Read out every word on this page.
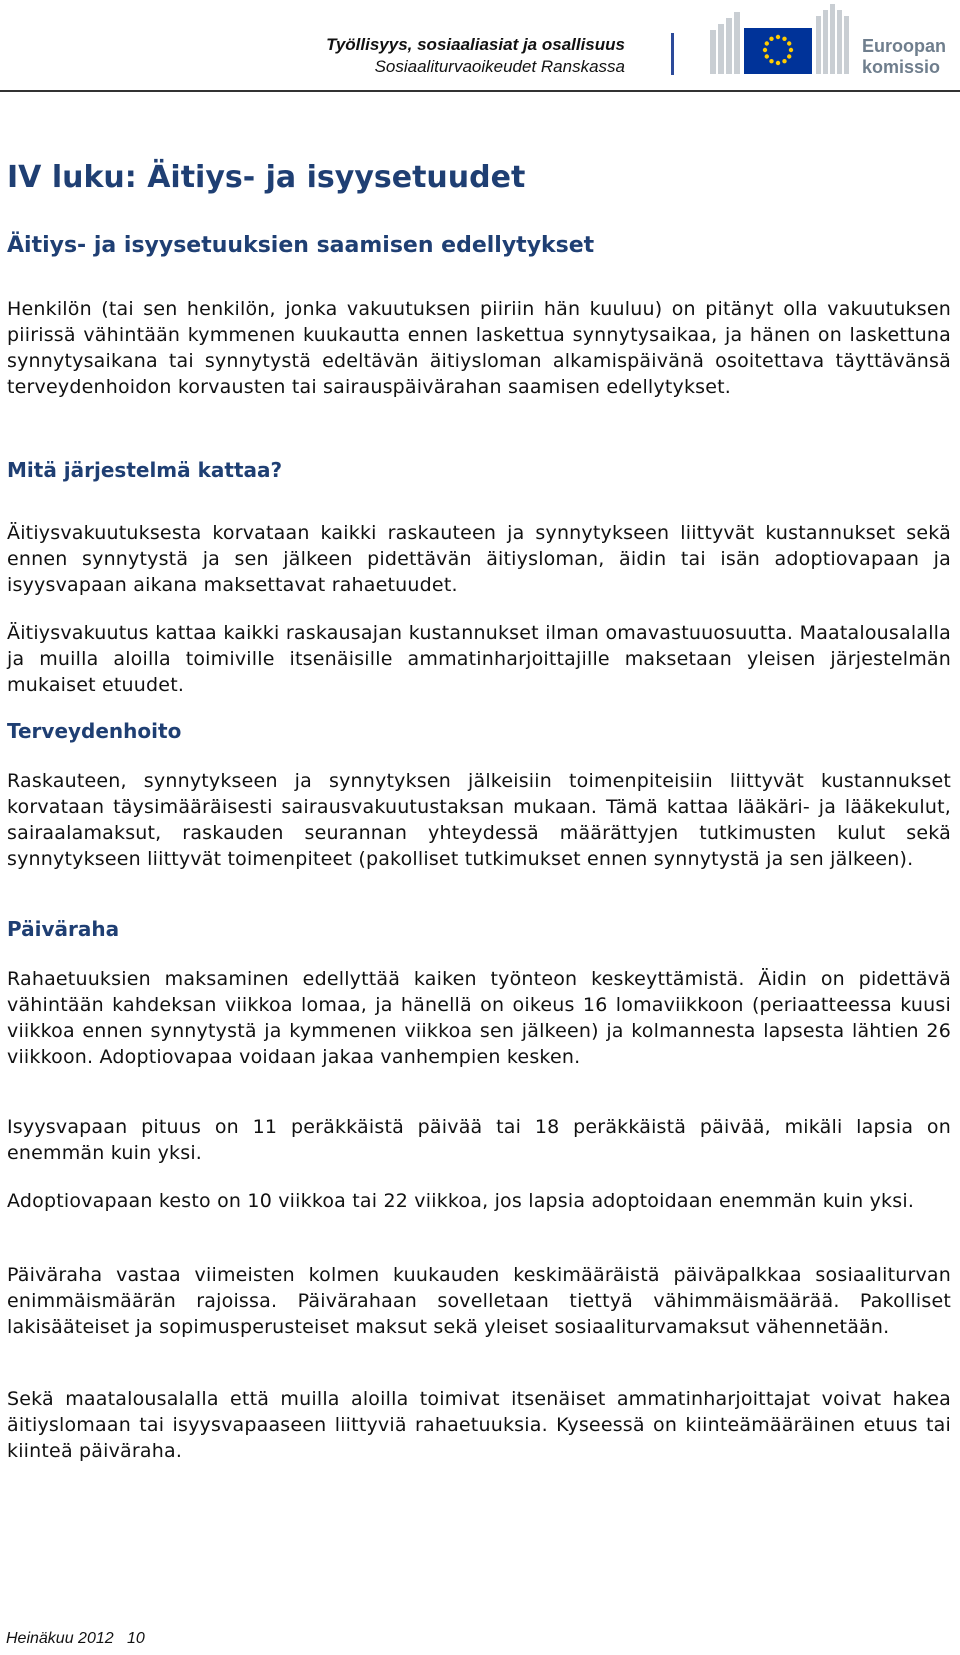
Työllisyys, sosiaaliasiat ja osallisuus
Sosiaaliturvaoikeudet Ranskassa
Euroopan
komissio
IV luku: Äitiys- ja isyysetuudet
Äitiys- ja isyysetuuksien saamisen edellytykset

Henkilön (tai sen henkilön, jonka vakuutuksen piiriin hän kuuluu) on pitänyt olla vakuutuksen piirissä vähintään kymmenen kuukautta ennen laskettua synnytysaikaa, ja hänen on laskettuna synnytysaikana tai synnytystä edeltävän äitiysloman alkamispäivänä osoitettava täyttävänsä terveydenhoidon korvausten tai sairauspäivärahan saamisen edellytykset.

Mitä järjestelmä kattaa?

Äitiysvakuutuksesta korvataan kaikki raskauteen ja synnytykseen liittyvät kustannukset sekä ennen synnytystä ja sen jälkeen pidettävän äitiysloman, äidin tai isän adoptiovapaan ja isyysvapaan aikana maksettavat rahaetuudet.

Äitiysvakuutus kattaa kaikki raskausajan kustannukset ilman omavastuuosuutta. Maatalousalalla ja muilla aloilla toimiville itsenäisille ammatinharjoittajille maksetaan yleisen järjestelmän mukaiset etuudet.

Terveydenhoito

Raskauteen, synnytykseen ja synnytyksen jälkeisiin toimenpiteisiin liittyvät kustannukset korvataan täysimääräisesti sairausvakuutustaksan mukaan. Tämä kattaa lääkäri- ja lääkekulut, sairaalamaksut, raskauden seurannan yhteydessä määrättyjen tutkimusten kulut sekä synnytykseen liittyvät toimenpiteet (pakolliset tutkimukset ennen synnytystä ja sen jälkeen).

Päiväraha

Rahaetuuksien maksaminen edellyttää kaiken työnteon keskeyttämistä. Äidin on pidettävä vähintään kahdeksan viikkoa lomaa, ja hänellä on oikeus 16 lomaviikkoon (periaatteessa kuusi viikkoa ennen synnytystä ja kymmenen viikkoa sen jälkeen) ja kolmannesta lapsesta lähtien 26 viikkoon. Adoptiovapaa voidaan jakaa vanhempien kesken.

Isyysvapaan pituus on 11 peräkkäistä päivää tai 18 peräkkäistä päivää, mikäli lapsia on enemmän kuin yksi.

Adoptiovapaan kesto on 10 viikkoa tai 22 viikkoa, jos lapsia adoptoidaan enemmän kuin yksi.

Päiväraha vastaa viimeisten kolmen kuukauden keskimääräistä päiväpalkkaa sosiaaliturvan enimmäismäärän rajoissa. Päivärahaan sovelletaan tiettyä vähimmäismäärää. Pakolliset lakisääteiset ja sopimusperusteiset maksut sekä yleiset sosiaaliturvamaksut vähennetään.

Sekä maatalousalalla että muilla aloilla toimivat itsenäiset ammatinharjoittajat voivat hakea äitiyslomaan tai isyysvapaaseen liittyviä rahaetuuksia. Kyseessä on kiinteämääräinen etuus tai kiinteä päiväraha.

Heinäkuu 2012   10
